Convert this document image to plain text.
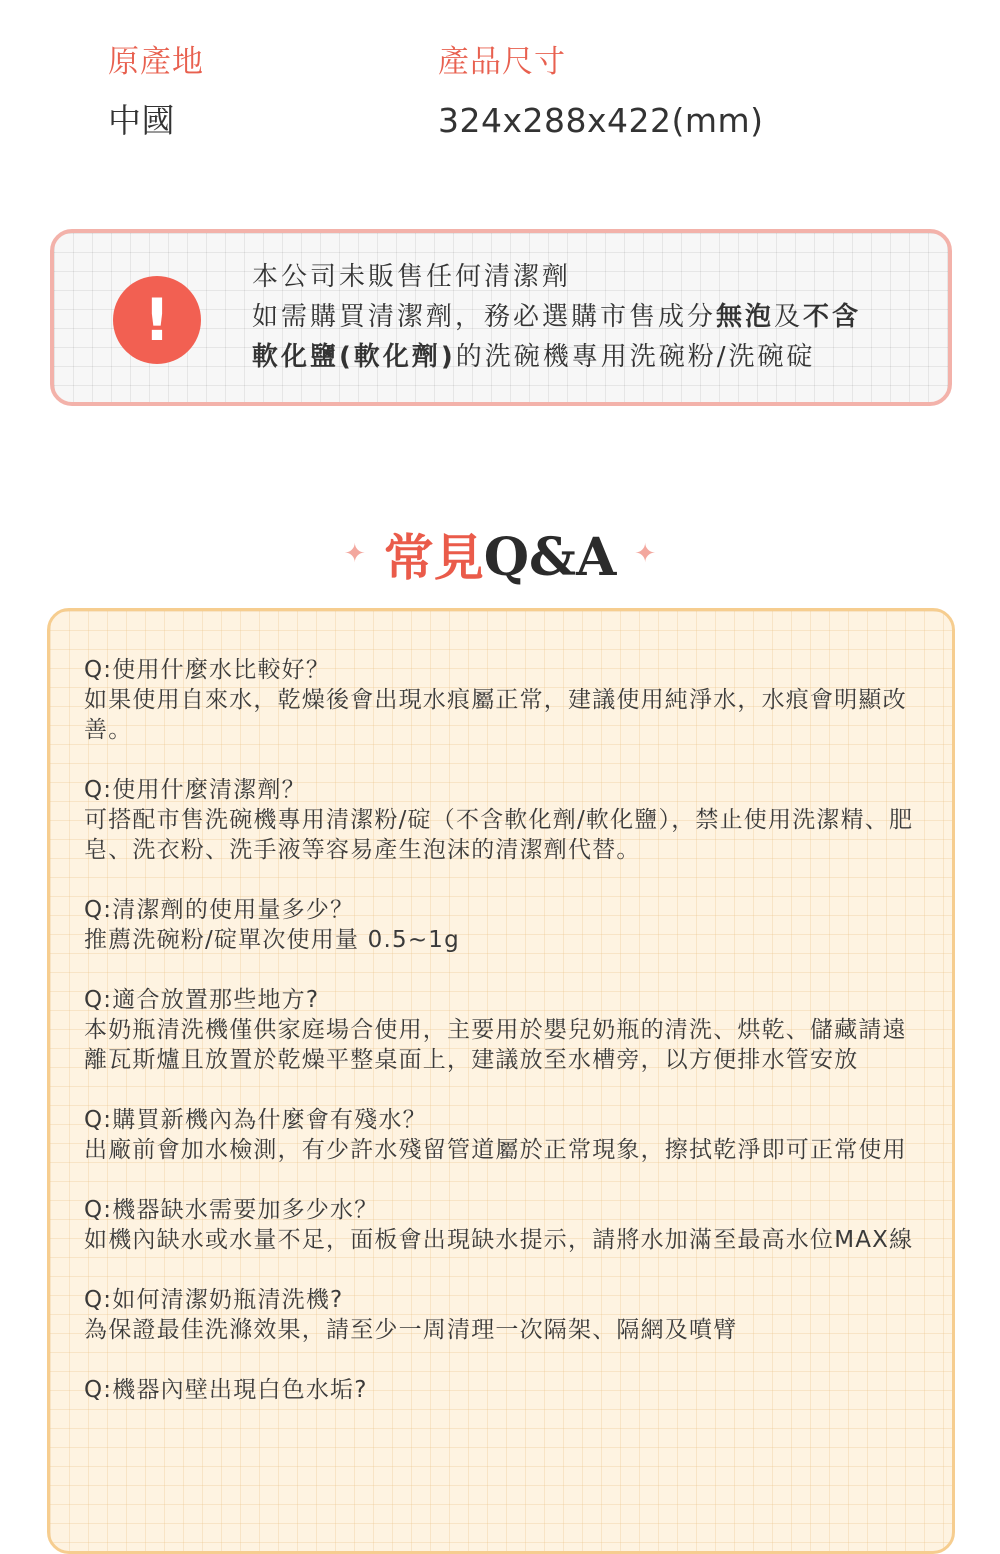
原產地
中國
產品尺寸
324x288x422(mm)
!
本公司未販售任何清潔劑
如需購買清潔劑，務必選購市售成分無泡及不含
軟化鹽(軟化劑)的洗碗機專用洗碗粉/洗碗碇
✦ 常見Q&A ✦
Q:使用什麼水比較好？
如果使用自來水，乾燥後會出現水痕屬正常，建議使用純淨水，水痕會明顯改善。
Q:使用什麼清潔劑？
可搭配市售洗碗機專用清潔粉/碇（不含軟化劑/軟化鹽），禁止使用洗潔精、肥皂、洗衣粉、洗手液等容易產生泡沫的清潔劑代替。
Q:清潔劑的使用量多少？
推薦洗碗粉/碇單次使用量 0.5~1g
Q:適合放置那些地方?
本奶瓶清洗機僅供家庭場合使用，主要用於嬰兒奶瓶的清洗、烘乾、儲藏請遠離瓦斯爐且放置於乾燥平整桌面上，建議放至水槽旁，以方便排水管安放
Q:購買新機內為什麼會有殘水？
出廠前會加水檢測，有少許水殘留管道屬於正常現象，擦拭乾淨即可正常使用
Q:機器缺水需要加多少水？
如機內缺水或水量不足，面板會出現缺水提示，請將水加滿至最高水位MAX線
Q:如何清潔奶瓶清洗機?
為保證最佳洗滌效果，請至少一周清理一次隔架、隔網及噴臂
Q:機器內壁出現白色水垢?
